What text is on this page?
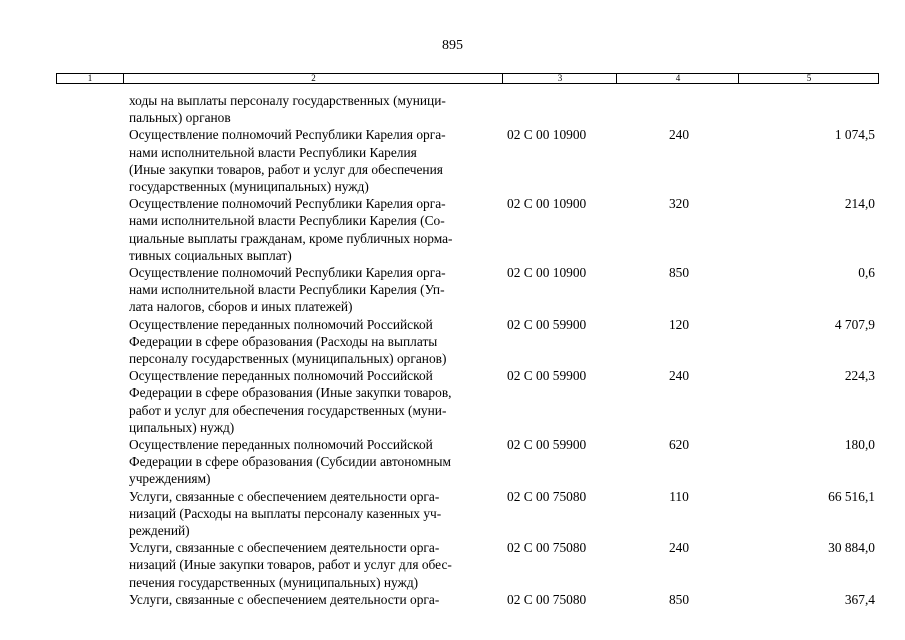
895
1	2	3	4	5
ходы на выплаты персоналу государственных (муници-
пальных) органов
Осуществление полномочий Республики Карелия орга-
нами исполнительной власти Республики Карелия
(Иные закупки товаров, работ и услуг для обеспечения
государственных (муниципальных) нужд)
02 С 00 10900	240	1 074,5
Осуществление полномочий Республики Карелия орга-
нами исполнительной власти Республики Карелия (Со-
циальные выплаты гражданам, кроме публичных норма-
тивных социальных выплат)
02 С 00 10900	320	214,0
Осуществление полномочий Республики Карелия орга-
нами исполнительной власти Республики Карелия (Уп-
лата налогов, сборов и иных платежей)
02 С 00 10900	850	0,6
Осуществление переданных полномочий Российской
Федерации в сфере образования (Расходы на выплаты
персоналу государственных (муниципальных) органов)
02 С 00 59900	120	4 707,9
Осуществление переданных полномочий Российской
Федерации в сфере образования (Иные закупки товаров,
работ и услуг для обеспечения государственных (муни-
ципальных) нужд)
02 С 00 59900	240	224,3
Осуществление переданных полномочий Российской
Федерации в сфере образования (Субсидии автономным
учреждениям)
02 С 00 59900	620	180,0
Услуги, связанные с обеспечением деятельности орга-
низаций (Расходы на выплаты персоналу казенных уч-
реждений)
02 С 00 75080	110	66 516,1
Услуги, связанные с обеспечением деятельности орга-
низаций (Иные закупки товаров, работ и услуг для обес-
печения государственных (муниципальных) нужд)
02 С 00 75080	240	30 884,0
Услуги, связанные с обеспечением деятельности орга-	02 С 00 75080	850	367,4
